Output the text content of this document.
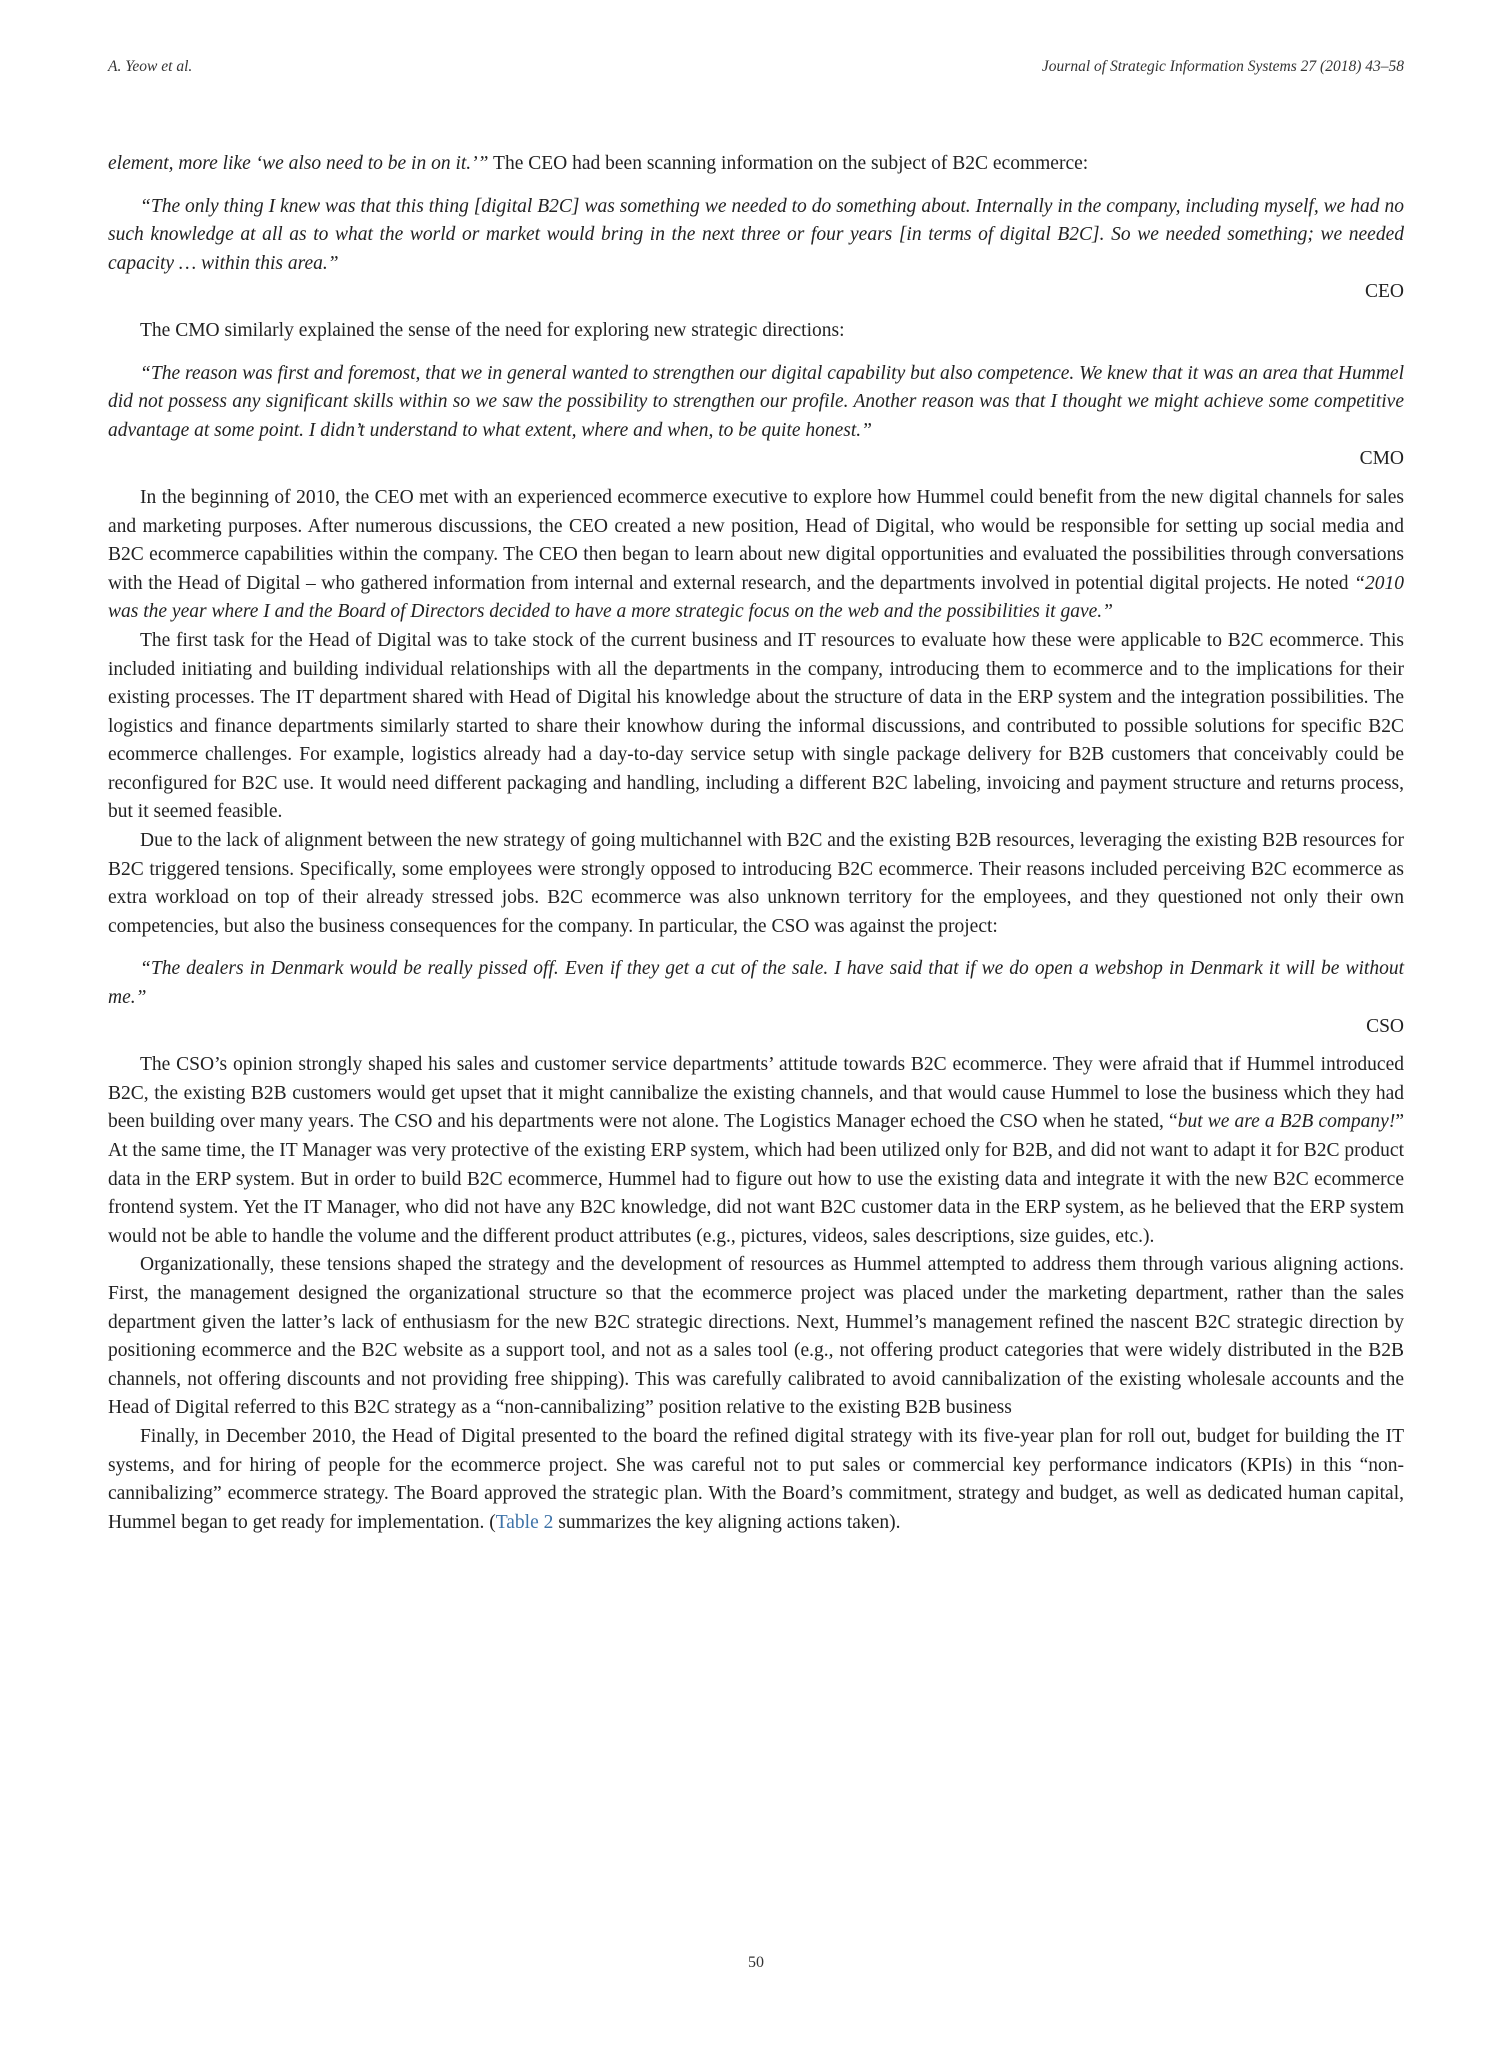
A. Yeow et al.	Journal of Strategic Information Systems 27 (2018) 43–58

element, more like ‘we also need to be in on it.’” The CEO had been scanning information on the subject of B2C ecommerce:

“The only thing I knew was that this thing [digital B2C] was something we needed to do something about. Internally in the company, including myself, we had no such knowledge at all as to what the world or market would bring in the next three or four years [in terms of digital B2C]. So we needed something; we needed capacity … within this area.”

CEO

The CMO similarly explained the sense of the need for exploring new strategic directions:

“The reason was first and foremost, that we in general wanted to strengthen our digital capability but also competence. We knew that it was an area that Hummel did not possess any significant skills within so we saw the possibility to strengthen our profile. Another reason was that I thought we might achieve some competitive advantage at some point. I didn’t understand to what extent, where and when, to be quite honest.”

CMO

In the beginning of 2010, the CEO met with an experienced ecommerce executive to explore how Hummel could benefit from the new digital channels for sales and marketing purposes. After numerous discussions, the CEO created a new position, Head of Digital, who would be responsible for setting up social media and B2C ecommerce capabilities within the company. The CEO then began to learn about new digital opportunities and evaluated the possibilities through conversations with the Head of Digital – who gathered information from internal and external research, and the departments involved in potential digital projects. He noted “2010 was the year where I and the Board of Directors decided to have a more strategic focus on the web and the possibilities it gave.”

The first task for the Head of Digital was to take stock of the current business and IT resources to evaluate how these were applicable to B2C ecommerce. This included initiating and building individual relationships with all the departments in the company, introducing them to ecommerce and to the implications for their existing processes. The IT department shared with Head of Digital his knowledge about the structure of data in the ERP system and the integration possibilities. The logistics and finance departments similarly started to share their knowhow during the informal discussions, and contributed to possible solutions for specific B2C ecommerce challenges. For example, logistics already had a day-to-day service setup with single package delivery for B2B customers that conceivably could be reconfigured for B2C use. It would need different packaging and handling, including a different B2C labeling, invoicing and payment structure and returns process, but it seemed feasible.

Due to the lack of alignment between the new strategy of going multichannel with B2C and the existing B2B resources, leveraging the existing B2B resources for B2C triggered tensions. Specifically, some employees were strongly opposed to introducing B2C ecommerce. Their reasons included perceiving B2C ecommerce as extra workload on top of their already stressed jobs. B2C ecommerce was also unknown territory for the employees, and they questioned not only their own competencies, but also the business consequences for the company. In particular, the CSO was against the project:

“The dealers in Denmark would be really pissed off. Even if they get a cut of the sale. I have said that if we do open a webshop in Denmark it will be without me.”

CSO

The CSO’s opinion strongly shaped his sales and customer service departments’ attitude towards B2C ecommerce. They were afraid that if Hummel introduced B2C, the existing B2B customers would get upset that it might cannibalize the existing channels, and that would cause Hummel to lose the business which they had been building over many years. The CSO and his departments were not alone. The Logistics Manager echoed the CSO when he stated, “but we are a B2B company!” At the same time, the IT Manager was very protective of the existing ERP system, which had been utilized only for B2B, and did not want to adapt it for B2C product data in the ERP system. But in order to build B2C ecommerce, Hummel had to figure out how to use the existing data and integrate it with the new B2C ecommerce frontend system. Yet the IT Manager, who did not have any B2C knowledge, did not want B2C customer data in the ERP system, as he believed that the ERP system would not be able to handle the volume and the different product attributes (e.g., pictures, videos, sales descriptions, size guides, etc.).

Organizationally, these tensions shaped the strategy and the development of resources as Hummel attempted to address them through various aligning actions. First, the management designed the organizational structure so that the ecommerce project was placed under the marketing department, rather than the sales department given the latter’s lack of enthusiasm for the new B2C strategic directions. Next, Hummel’s management refined the nascent B2C strategic direction by positioning ecommerce and the B2C website as a support tool, and not as a sales tool (e.g., not offering product categories that were widely distributed in the B2B channels, not offering discounts and not providing free shipping). This was carefully calibrated to avoid cannibalization of the existing wholesale accounts and the Head of Digital referred to this B2C strategy as a “non-cannibalizing” position relative to the existing B2B business

Finally, in December 2010, the Head of Digital presented to the board the refined digital strategy with its five-year plan for roll out, budget for building the IT systems, and for hiring of people for the ecommerce project. She was careful not to put sales or commercial key performance indicators (KPIs) in this “non-cannibalizing” ecommerce strategy. The Board approved the strategic plan. With the Board’s commitment, strategy and budget, as well as dedicated human capital, Hummel began to get ready for implementation. (Table 2 summarizes the key aligning actions taken).

50
